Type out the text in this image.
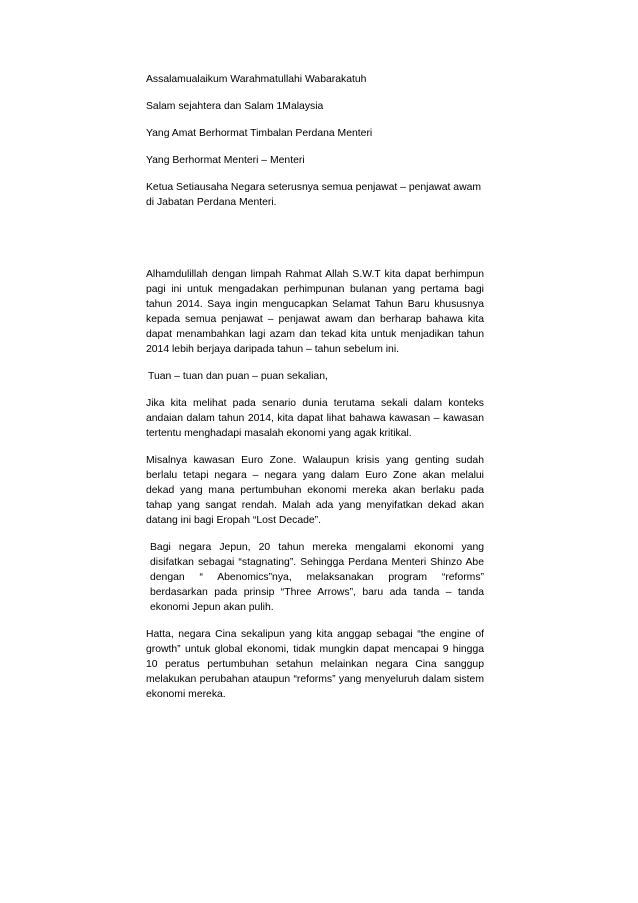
Assalamualaikum Warahmatullahi Wabarakatuh

Salam sejahtera dan Salam 1Malaysia

Yang Amat Berhormat Timbalan Perdana Menteri

Yang Berhormat Menteri – Menteri

Ketua Setiausaha Negara seterusnya semua penjawat – penjawat awam di Jabatan Perdana Menteri.

Alhamdulillah dengan limpah Rahmat Allah S.W.T kita dapat berhimpun pagi ini untuk mengadakan perhimpunan bulanan yang pertama bagi tahun 2014. Saya ingin mengucapkan Selamat Tahun Baru khususnya kepada semua penjawat – penjawat awam dan berharap bahawa kita dapat menambahkan lagi azam dan tekad kita untuk menjadikan tahun 2014 lebih berjaya daripada tahun – tahun sebelum ini.

Tuan – tuan dan puan – puan sekalian,

Jika kita melihat pada senario dunia terutama sekali dalam konteks andaian dalam tahun 2014, kita dapat lihat bahawa kawasan – kawasan tertentu menghadapi masalah ekonomi yang agak kritikal.

Misalnya kawasan Euro Zone. Walaupun krisis yang genting sudah berlalu tetapi negara – negara yang dalam Euro Zone akan melalui dekad yang mana pertumbuhan ekonomi mereka akan berlaku pada tahap yang sangat rendah. Malah ada yang menyifatkan dekad akan datang ini bagi Eropah “Lost Decade”.

Bagi negara Jepun, 20 tahun mereka mengalami ekonomi yang disifatkan sebagai “stagnating”. Sehingga Perdana Menteri Shinzo Abe dengan “ Abenomics”nya, melaksanakan program “reforms” berdasarkan pada prinsip “Three Arrows”, baru ada tanda – tanda ekonomi Jepun akan pulih.

Hatta, negara Cina sekalipun yang kita anggap sebagai “the engine of growth” untuk global ekonomi, tidak mungkin dapat mencapai 9 hingga 10 peratus pertumbuhan setahun melainkan negara Cina sanggup melakukan perubahan ataupun “reforms” yang menyeluruh dalam sistem ekonomi mereka.
